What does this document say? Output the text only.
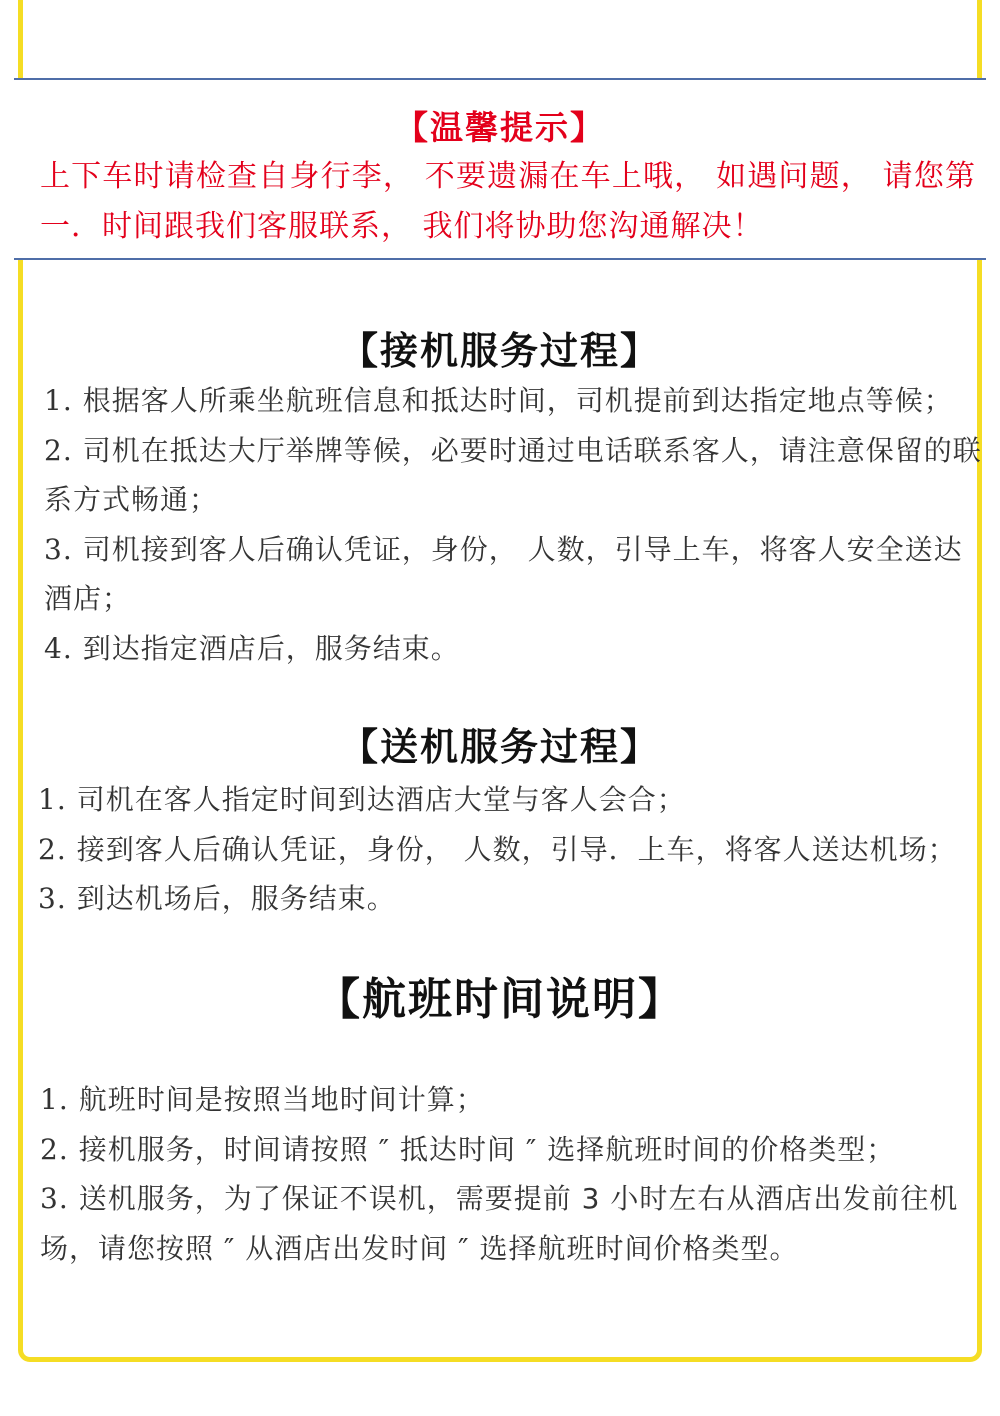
【温馨提示】
上下车时请检查自身行李， 不要遗漏在车上哦， 如遇问题， 请您第一．时间跟我们客服联系， 我们将协助您沟通解决！
【接机服务过程】
1. 根据客人所乘坐航班信息和抵达时间，司机提前到达指定地点等候；
2. 司机在抵达大厅举牌等候，必要时通过电话联系客人，请注意保留的联系方式畅通；
3. 司机接到客人后确认凭证，身份， 人数，引导上车，将客人安全送达酒店；
4. 到达指定酒店后，服务结束。
【送机服务过程】
1. 司机在客人指定时间到达酒店大堂与客人会合；
2. 接到客人后确认凭证，身份， 人数，引导．上车，将客人送达机场；
3. 到达机场后，服务结束。
【航班时间说明】
1. 航班时间是按照当地时间计算；
2. 接机服务，时间请按照 ″ 抵达时间 ″ 选择航班时间的价格类型；
3. 送机服务，为了保证不误机，需要提前 3 小时左右从酒店出发前往机场，请您按照 ″ 从酒店出发时间 ″ 选择航班时间价格类型。
